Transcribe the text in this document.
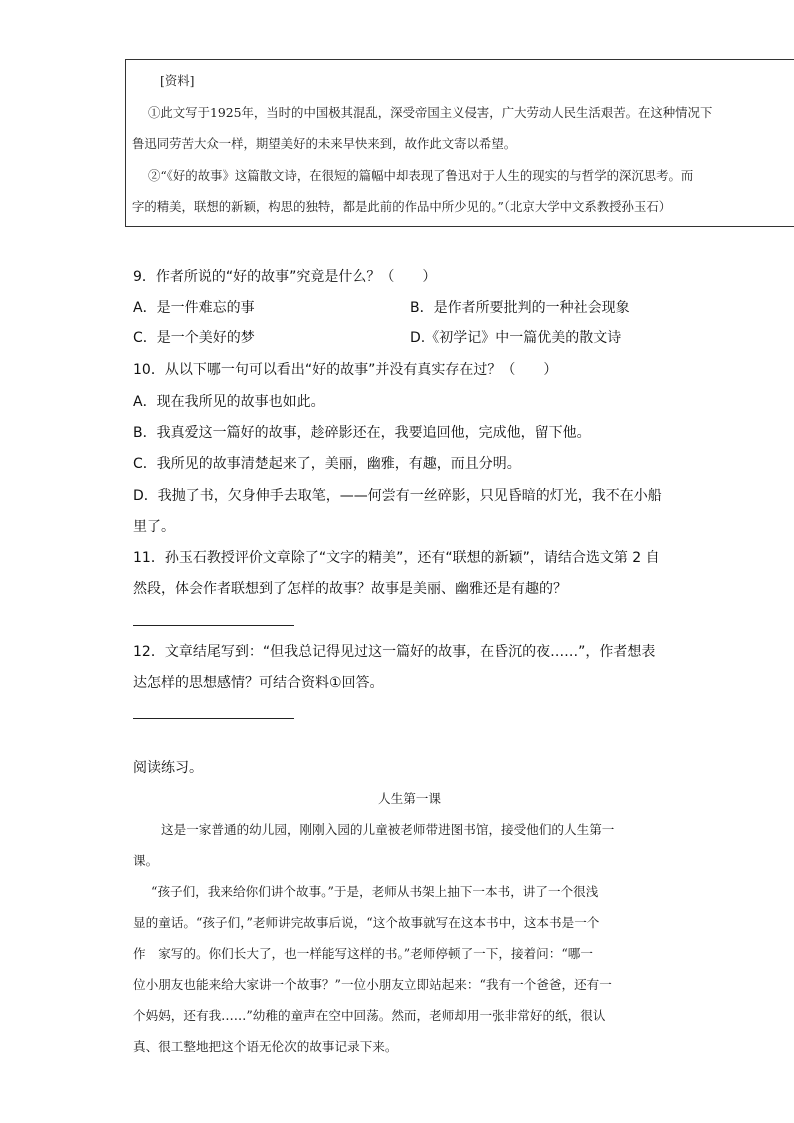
[资料]
①此文写于1925年，当时的中国极其混乱，深受帝国主义侵害，广大劳动人民生活艰苦。在这种情况下
鲁迅同劳苦大众一样，期望美好的未来早快来到，故作此文寄以希望。
②“《好的故事》这篇散文诗，在很短的篇幅中却表现了鲁迅对于人生的现实的与哲学的深沉思考。而
字的精美，联想的新颖，构思的独特，都是此前的作品中所少见的。”（北京大学中文系教授孙玉石）
9．作者所说的“好的故事”究竟是什么？（　　）
A．是一件难忘的事	B．是作者所要批判的一种社会现象
C．是一个美好的梦	D.《初学记》中一篇优美的散文诗
10．从以下哪一句可以看出“好的故事”并没有真实存在过？（　　）
A．现在我所见的故事也如此。
B．我真爱这一篇好的故事，趁碎影还在，我要追回他，完成他，留下他。
C．我所见的故事清楚起来了，美丽，幽雅，有趣，而且分明。
D．我抛了书，欠身伸手去取笔，——何尝有一丝碎影，只见昏暗的灯光，我不在小船
里了。
11．孙玉石教授评价文章除了“文字的精美”，还有“联想的新颖”，请结合选文第 2 自
然段，体会作者联想到了怎样的故事？故事是美丽、幽雅还是有趣的？
12．文章结尾写到：“但我总记得见过这一篇好的故事，在昏沉的夜……”，作者想表
达怎样的思想感情？可结合资料①回答。
阅读练习。
人生第一课
这是一家普通的幼儿园，刚刚入园的儿童被老师带进图书馆，接受他们的人生第一
课。
“孩子们，我来给你们讲个故事。”于是，老师从书架上抽下一本书，讲了一个很浅
显的童话。“孩子们，”老师讲完故事后说，“这个故事就写在这本书中，这本书是一个
作　家写的。你们长大了，也一样能写这样的书。”老师停顿了一下，接着问：“哪一
位小朋友也能来给大家讲一个故事？”一位小朋友立即站起来：“我有一个爸爸，还有一
个妈妈，还有我……”幼稚的童声在空中回荡。然而，老师却用一张非常好的纸，很认
真、很工整地把这个语无伦次的故事记录下来。
